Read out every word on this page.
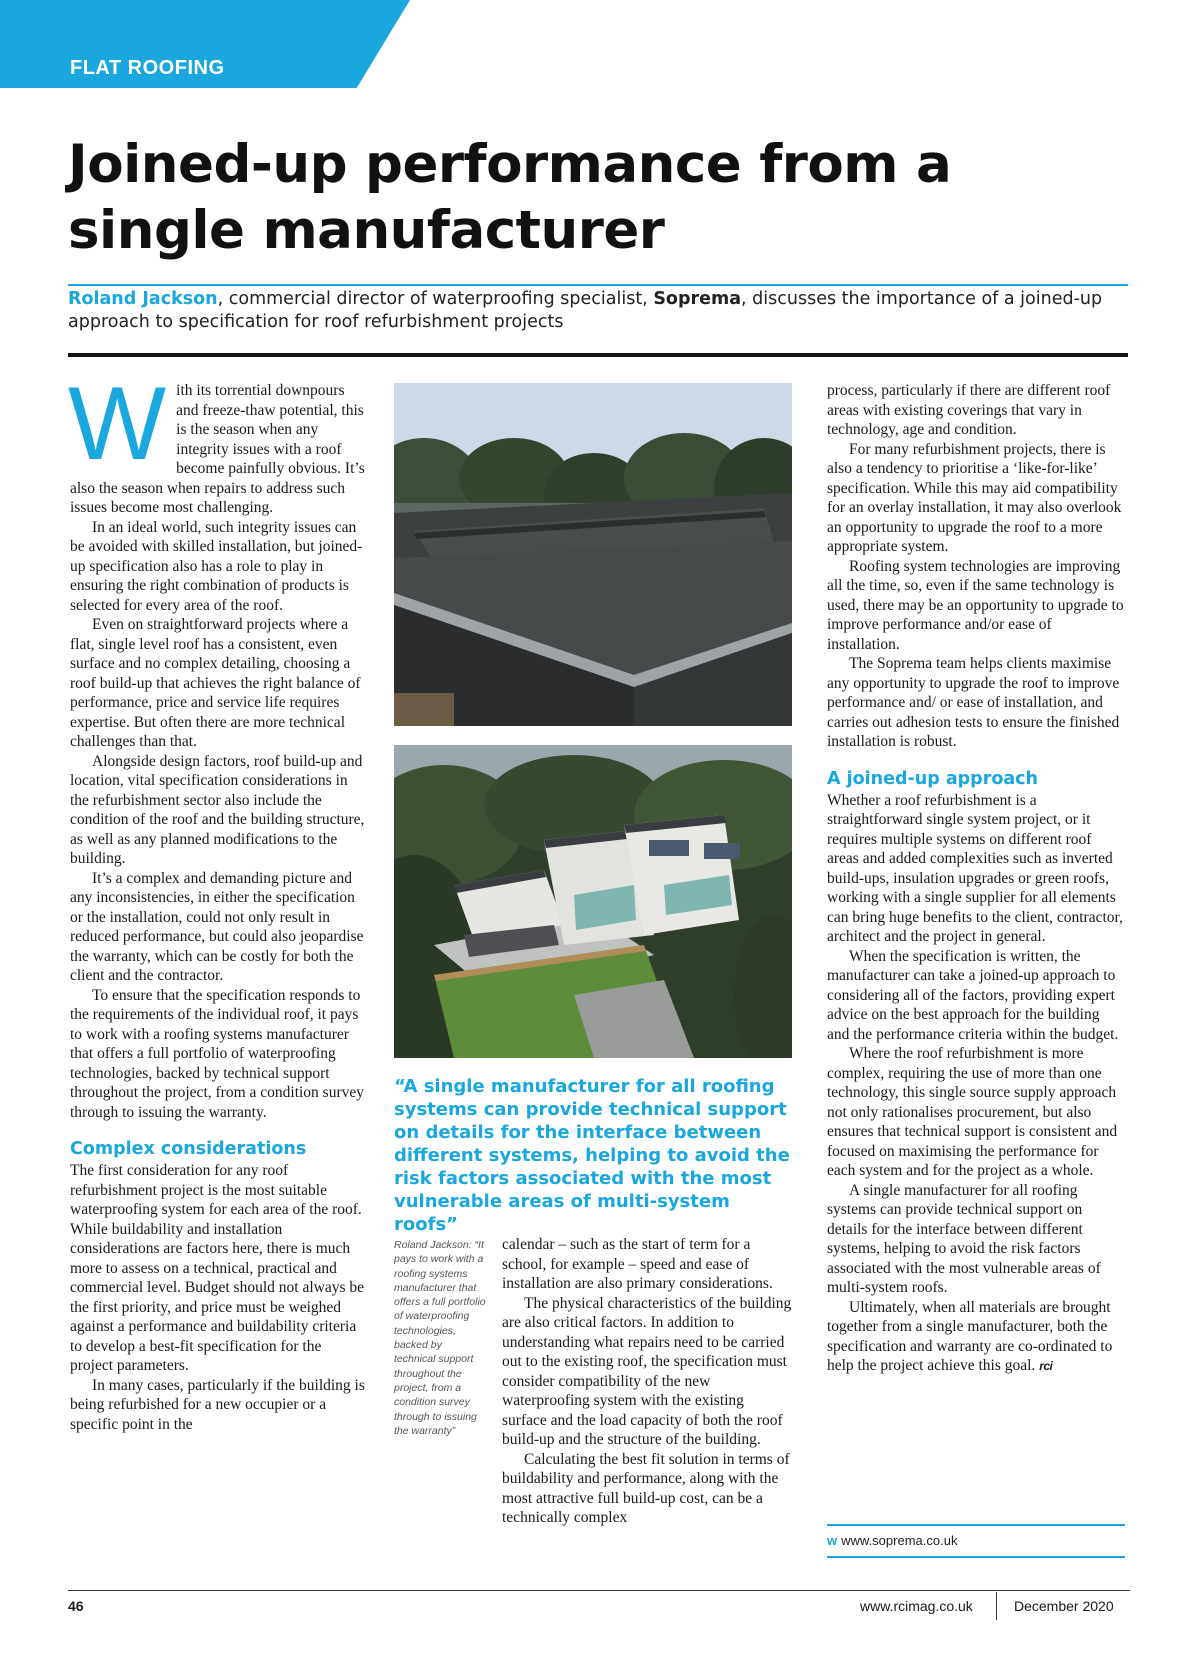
FLAT ROOFING
Joined-up performance from a single manufacturer

Roland Jackson, commercial director of waterproofing specialist, Soprema, discusses the importance of a joined-up approach to specification for roof refurbishment projects

With its torrential downpours and freeze-thaw potential, this is the season when any integrity issues with a roof become painfully obvious. It’s also the season when repairs to address such issues become most challenging.

In an ideal world, such integrity issues can be avoided with skilled installation, but joined-up specification also has a role to play in ensuring the right combination of products is selected for every area of the roof.

Even on straightforward projects where a flat, single level roof has a consistent, even surface and no complex detailing, choosing a roof build-up that achieves the right balance of performance, price and service life requires expertise. But often there are more technical challenges than that.

Alongside design factors, roof build-up and location, vital specification considerations in the refurbishment sector also include the condition of the roof and the building structure, as well as any planned modifications to the building.

It’s a complex and demanding picture and any inconsistencies, in either the specification or the installation, could not only result in reduced performance, but could also jeopardise the warranty, which can be costly for both the client and the contractor.

To ensure that the specification responds to the requirements of the individual roof, it pays to work with a roofing systems manufacturer that offers a full portfolio of waterproofing technologies, backed by technical support throughout the project, from a condition survey through to issuing the warranty.

Complex considerations

The first consideration for any roof refurbishment project is the most suitable waterproofing system for each area of the roof. While buildability and installation considerations are factors here, there is much more to assess on a technical, practical and commercial level. Budget should not always be the first priority, and price must be weighed against a performance and buildability criteria to develop a best-fit specification for the project parameters.

In many cases, particularly if the building is being refurbished for a new occupier or a specific point in the

“A single manufacturer for all roofing systems can provide technical support on details for the interface between different systems, helping to avoid the risk factors associated with the most vulnerable areas of multi-system roofs”

Roland Jackson: “It pays to work with a roofing systems manufacturer that offers a full portfolio of waterproofing technologies, backed by technical support throughout the project, from a condition survey through to issuing the warranty”

calendar – such as the start of term for a school, for example – speed and ease of installation are also primary considerations.

The physical characteristics of the building are also critical factors. In addition to understanding what repairs need to be carried out to the existing roof, the specification must consider compatibility of the new waterproofing system with the existing surface and the load capacity of both the roof build-up and the structure of the building.

Calculating the best fit solution in terms of buildability and performance, along with the most attractive full build-up cost, can be a technically complex

process, particularly if there are different roof areas with existing coverings that vary in technology, age and condition.

For many refurbishment projects, there is also a tendency to prioritise a ‘like-for-like’ specification. While this may aid compatibility for an overlay installation, it may also overlook an opportunity to upgrade the roof to a more appropriate system.

Roofing system technologies are improving all the time, so, even if the same technology is used, there may be an opportunity to upgrade to improve performance and/or ease of installation.

The Soprema team helps clients maximise any opportunity to upgrade the roof to improve performance and/ or ease of installation, and carries out adhesion tests to ensure the finished installation is robust.

A joined-up approach

Whether a roof refurbishment is a straightforward single system project, or it requires multiple systems on different roof areas and added complexities such as inverted build-ups, insulation upgrades or green roofs, working with a single supplier for all elements can bring huge benefits to the client, contractor, architect and the project in general.

When the specification is written, the manufacturer can take a joined-up approach to considering all of the factors, providing expert advice on the best approach for the building and the performance criteria within the budget.

Where the roof refurbishment is more complex, requiring the use of more than one technology, this single source supply approach not only rationalises procurement, but also ensures that technical support is consistent and focused on maximising the performance for each system and for the project as a whole.

A single manufacturer for all roofing systems can provide technical support on details for the interface between different systems, helping to avoid the risk factors associated with the most vulnerable areas of multi-system roofs.

Ultimately, when all materials are brought together from a single manufacturer, both the specification and warranty are co-ordinated to help the project achieve this goal. rci

w www.soprema.co.uk

46	www.rcimag.co.uk	December 2020
